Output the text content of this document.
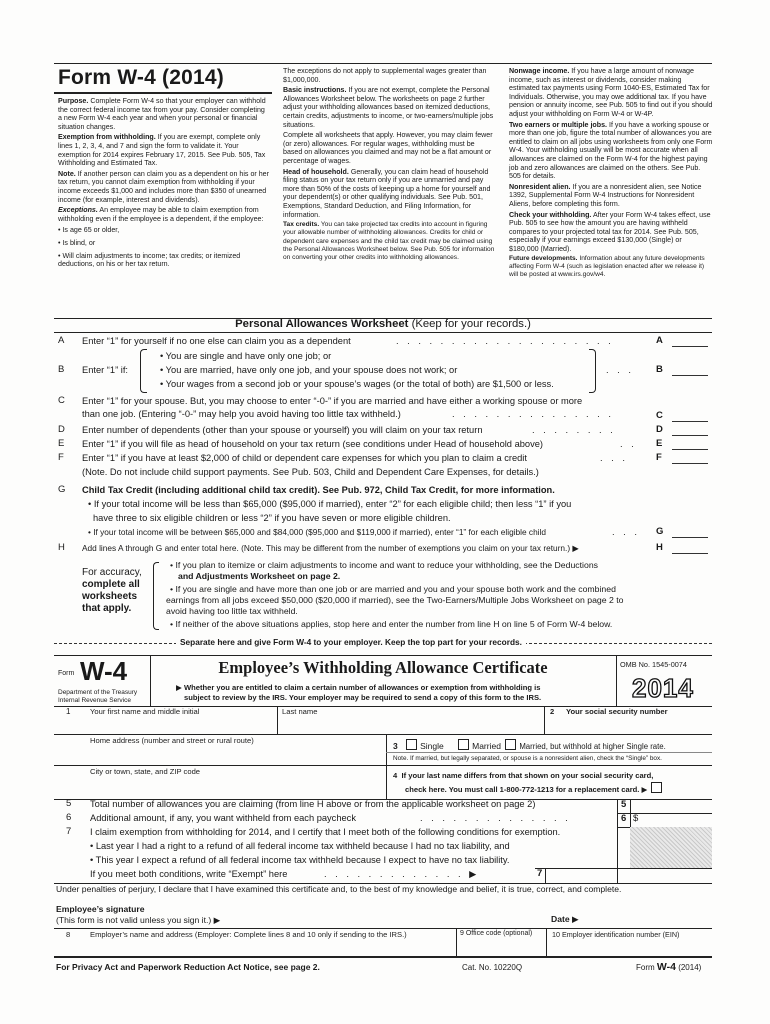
Form W-4 (2014)

Purpose. Complete Form W-4 so that your employer can withhold the correct federal income tax from your pay. Consider completing a new Form W-4 each year and when your personal or financial situation changes.

Exemption from withholding. If you are exempt, complete only lines 1, 2, 3, 4, and 7 and sign the form to validate it. Your exemption for 2014 expires February 17, 2015. See Pub. 505, Tax Withholding and Estimated Tax.

Note. If another person can claim you as a dependent on his or her tax return, you cannot claim exemption from withholding if your income exceeds $1,000 and includes more than $350 of unearned income (for example, interest and dividends).

Exceptions. An employee may be able to claim exemption from withholding even if the employee is a dependent, if the employee:

• Is age 65 or older,

• Is blind, or

• Will claim adjustments to income; tax credits; or itemized deductions, on his or her tax return.

The exceptions do not apply to supplemental wages greater than $1,000,000.

Basic instructions. If you are not exempt, complete the Personal Allowances Worksheet below. The worksheets on page 2 further adjust your withholding allowances based on itemized deductions, certain credits, adjustments to income, or two-earners/multiple jobs situations.

Complete all worksheets that apply. However, you may claim fewer (or zero) allowances. For regular wages, withholding must be based on allowances you claimed and may not be a flat amount or percentage of wages.

Head of household. Generally, you can claim head of household filing status on your tax return only if you are unmarried and pay more than 50% of the costs of keeping up a home for yourself and your dependent(s) or other qualifying individuals. See Pub. 501, Exemptions, Standard Deduction, and Filing Information, for information.

Tax credits. You can take projected tax credits into account in figuring your allowable number of withholding allowances. Credits for child or dependent care expenses and the child tax credit may be claimed using the Personal Allowances Worksheet below. See Pub. 505 for information on converting your other credits into withholding allowances.

Nonwage income. If you have a large amount of nonwage income, such as interest or dividends, consider making estimated tax payments using Form 1040-ES, Estimated Tax for Individuals. Otherwise, you may owe additional tax. If you have pension or annuity income, see Pub. 505 to find out if you should adjust your withholding on Form W-4 or W-4P.

Two earners or multiple jobs. If you have a working spouse or more than one job, figure the total number of allowances you are entitled to claim on all jobs using worksheets from only one Form W-4. Your withholding usually will be most accurate when all allowances are claimed on the Form W-4 for the highest paying job and zero allowances are claimed on the others. See Pub. 505 for details.

Nonresident alien. If you are a nonresident alien, see Notice 1392, Supplemental Form W-4 Instructions for Nonresident Aliens, before completing this form.

Check your withholding. After your Form W-4 takes effect, use Pub. 505 to see how the amount you are having withheld compares to your projected total tax for 2014. See Pub. 505, especially if your earnings exceed $130,000 (Single) or $180,000 (Married).

Future developments. Information about any future developments affecting Form W-4 (such as legislation enacted after we release it) will be posted at www.irs.gov/w4.

Personal Allowances Worksheet (Keep for your records.)
A Enter “1” for yourself if no one else can claim you as a dependent	. . . . . . . . . . . . . . . . . . . .	A
B Enter “1” if:
• You are single and have only one job; or
• You are married, have only one job, and your spouse does not work; or
• Your wages from a second job or your spouse’s wages (or the total of both) are $1,500 or less.
. . . B
C Enter “1” for your spouse. But, you may choose to enter “-0-” if you are married and have either a working spouse or more
than one job. (Entering “-0-” may help you avoid having too little tax withheld.)	. . . . . . . . . . . . . . .	C
D Enter number of dependents (other than your spouse or yourself) you will claim on your tax return	. . . . . . . .	D
E Enter “1” if you will file as head of household on your tax return (see conditions under Head of household above)	. . E
F Enter “1” if you have at least $2,000 of child or dependent care expenses for which you plan to claim a credit
(Note. Do not include child support payments. See Pub. 503, Child and Dependent Care Expenses, for details.)
. . .	F
G Child Tax Credit (including additional child tax credit). See Pub. 972, Child Tax Credit, for more information.
• If your total income will be less than $65,000 ($95,000 if married), enter “2” for each eligible child; then less “1” if you
have three to six eligible children or less “2” if you have seven or more eligible children.
• If your total income will be between $65,000 and $84,000 ($95,000 and $119,000 if married), enter “1” for each eligible child	. . . G
H Add lines A through G and enter total here. (Note. This may be different from the number of exemptions you claim on your tax return.) ▶	H
For accuracy,
complete all
worksheets
that apply.
• If you plan to itemize or claim adjustments to income and want to reduce your withholding, see the Deductions
and Adjustments Worksheet on page 2.
• If you are single and have more than one job or are married and you and your spouse both work and the combined
earnings from all jobs exceed $50,000 ($20,000 if married), see the Two-Earners/Multiple Jobs Worksheet on page 2 to
avoid having too little tax withheld.
• If neither of the above situations applies, stop here and enter the number from line H on line 5 of Form W-4 below.
Separate here and give Form W-4 to your employer. Keep the top part for your records.
Form W-4
Department of the Treasury
Internal Revenue Service
Employee’s Withholding Allowance Certificate
▶ Whether you are entitled to claim a certain number of allowances or exemption from withholding is
subject to review by the IRS. Your employer may be required to send a copy of this form to the IRS.
OMB No. 1545-0074
2014
1	Your first name and middle initial	Last name	2 Your social security number
Home address (number and street or rural route)
3	Single	Married Married, but withhold at higher Single rate.
Note. If married, but legally separated, or spouse is a nonresident alien, check the “Single” box.
City or town, state, and ZIP code	4 If your last name differs from that shown on your social security card,
check here. You must call 1-800-772-1213 for a replacement card. ▶
5 Total number of allowances you are claiming (from line H above or from the applicable worksheet on page 2)
6 Additional amount, if any, you want withheld from each paycheck	. . . . . . . . . . . . . .
7 I claim exemption from withholding for 2014, and I certify that I meet both of the following conditions for exemption.
• Last year I had a right to a refund of all federal income tax withheld because I had no tax liability, and
• This year I expect a refund of all federal income tax withheld because I expect to have no tax liability.
If you meet both conditions, write “Exempt” here	. . . . . . . . . . . . . ▶
5
6 $
7
Under penalties of perjury, I declare that I have examined this certificate and, to the best of my knowledge and belief, it is true, correct, and complete.
Employee’s signature
(This form is not valid unless you sign it.) ▶	Date ▶
8	Employer’s name and address (Employer: Complete lines 8 and 10 only if sending to the IRS.)	9 Office code (optional)	10 Employer identification number (EIN)
For Privacy Act and Paperwork Reduction Act Notice, see page 2.	Cat. No. 10220Q	Form W-4 (2014)
